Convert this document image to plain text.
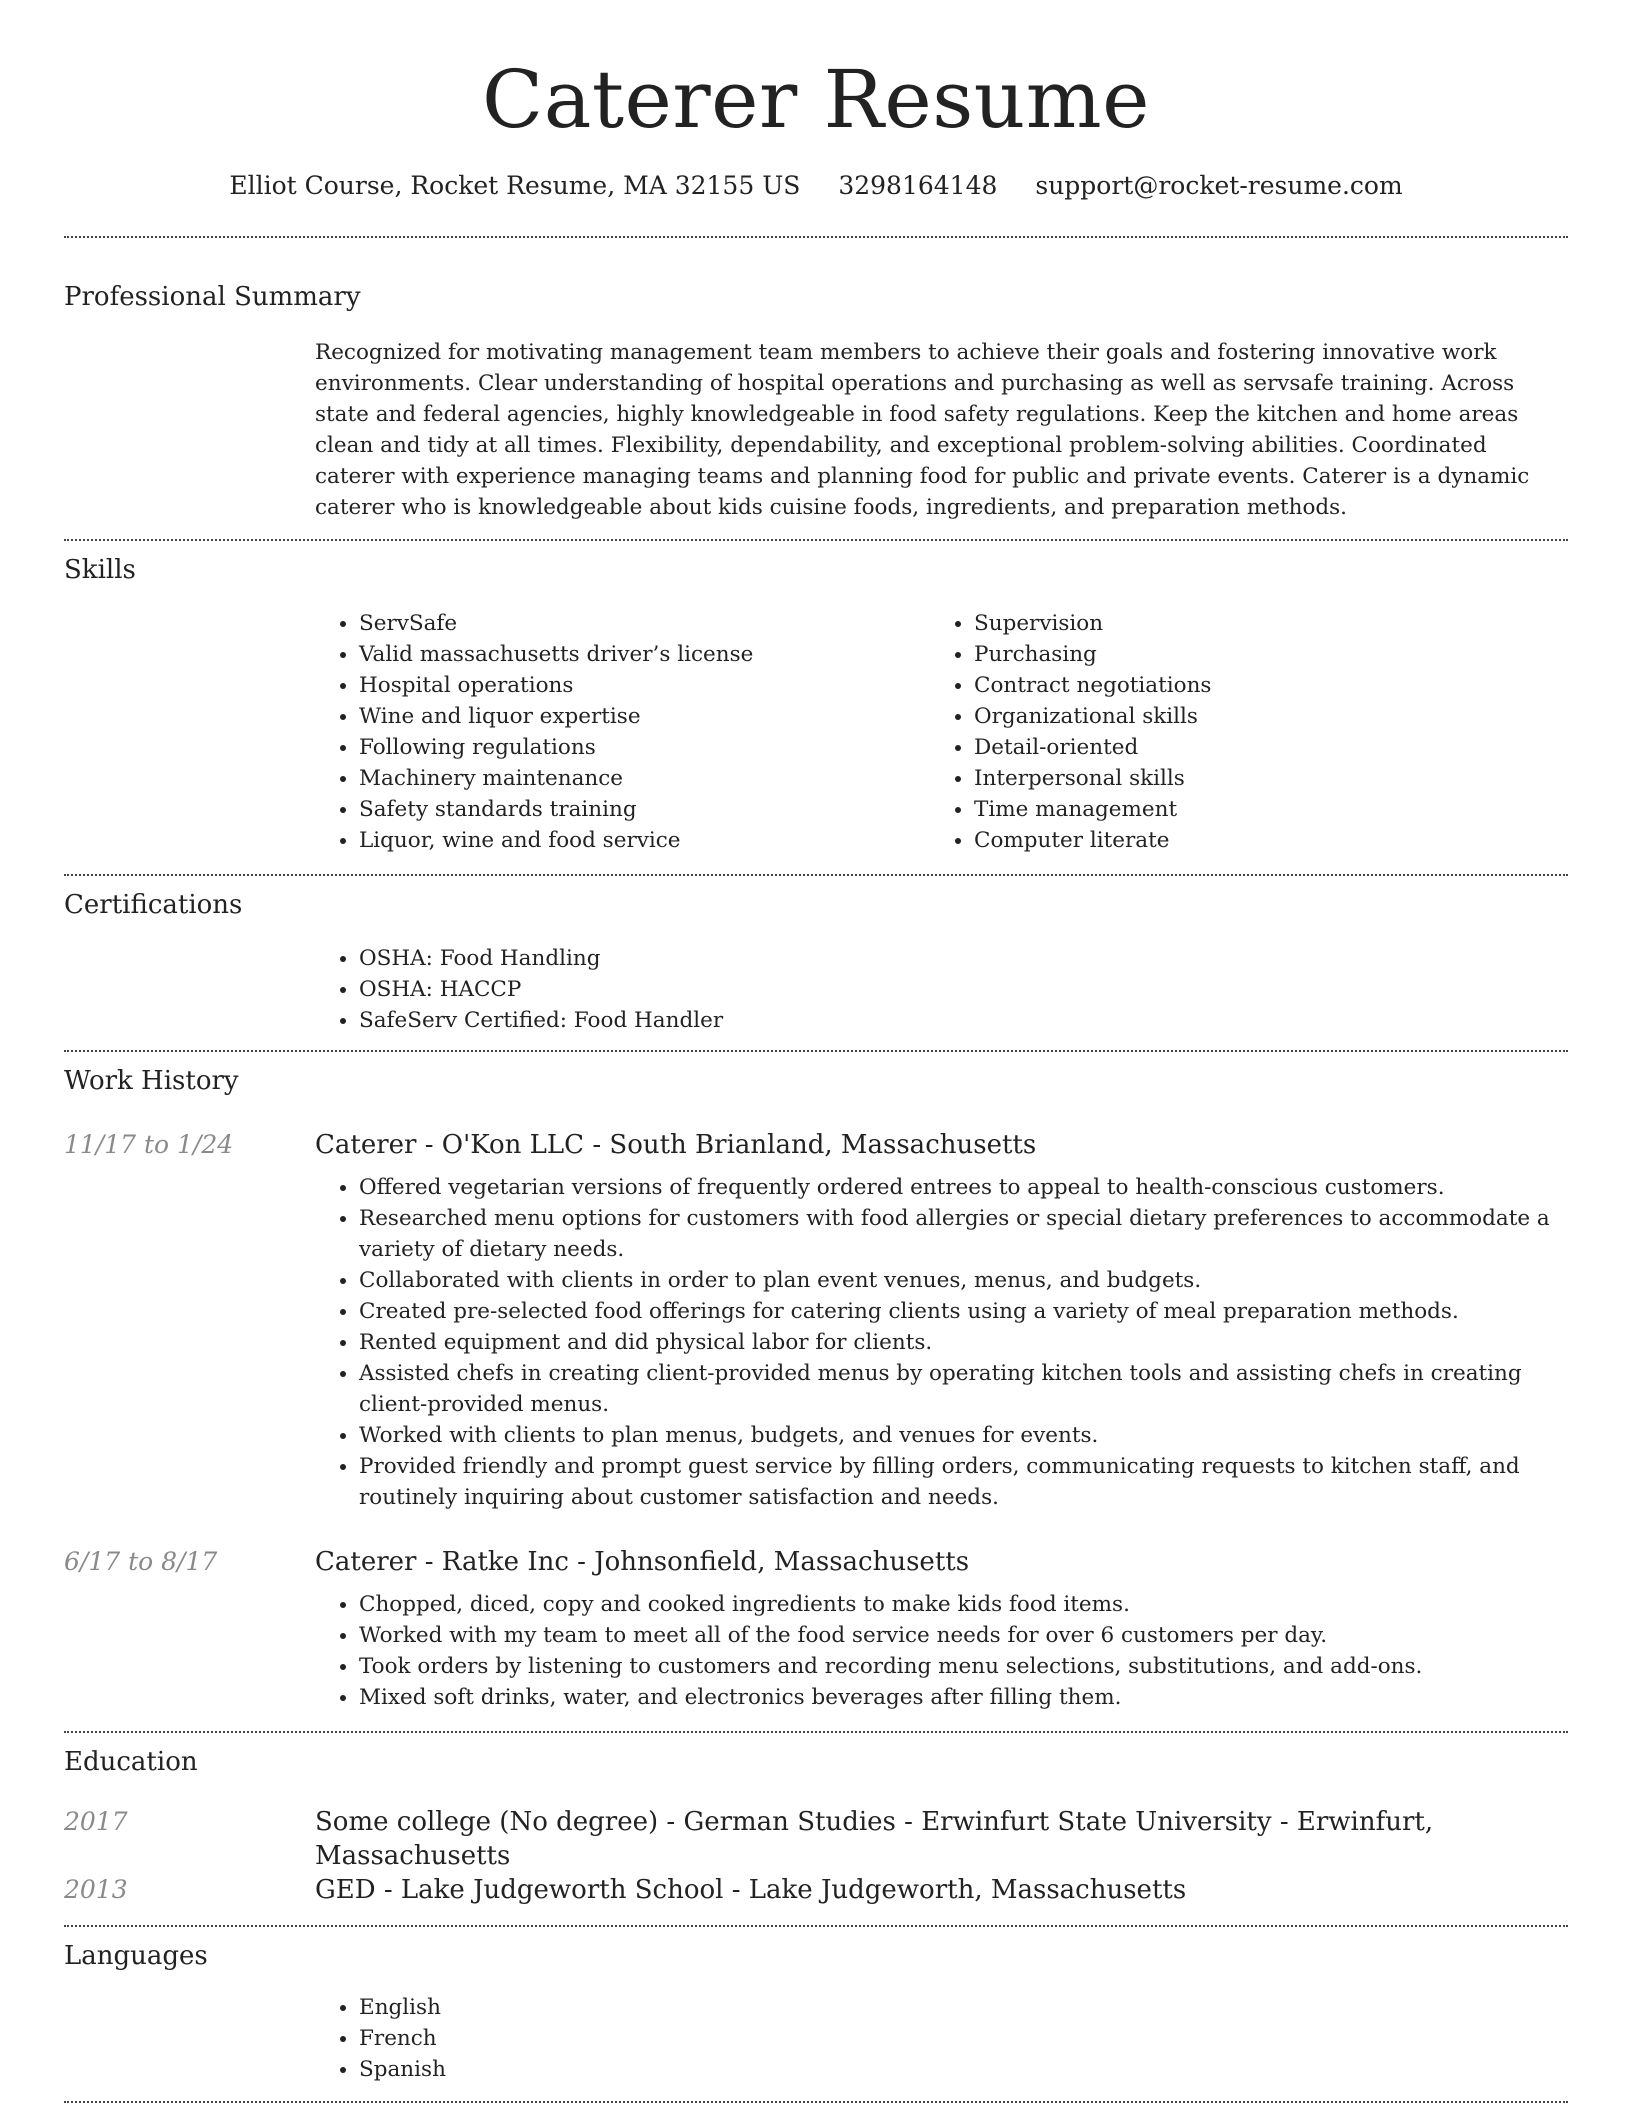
Caterer Resume
Elliot Course, Rocket Resume, MA 32155 US 3298164148 support@rocket-resume.com
Professional Summary
Recognized for motivating management team members to achieve their goals and fostering innovative work environments. Clear understanding of hospital operations and purchasing as well as servsafe training. Across state and federal agencies, highly knowledgeable in food safety regulations. Keep the kitchen and home areas clean and tidy at all times. Flexibility, dependability, and exceptional problem-solving abilities. Coordinated caterer with experience managing teams and planning food for public and private events. Caterer is a dynamic caterer who is knowledgeable about kids cuisine foods, ingredients, and preparation methods.
Skills
• ServSafe
• Valid massachusetts driver’s license
• Hospital operations
• Wine and liquor expertise
• Following regulations
• Machinery maintenance
• Safety standards training
• Liquor, wine and food service
• Supervision
• Purchasing
• Contract negotiations
• Organizational skills
• Detail-oriented
• Interpersonal skills
• Time management
• Computer literate
Certifications
• OSHA: Food Handling
• OSHA: HACCP
• SafeServ Certified: Food Handler
Work History
11/17 to 1/24	Caterer - O'Kon LLC - South Brianland, Massachusetts
• Offered vegetarian versions of frequently ordered entrees to appeal to health-conscious customers.
• Researched menu options for customers with food allergies or special dietary preferences to accommodate a variety of dietary needs.
• Collaborated with clients in order to plan event venues, menus, and budgets.
• Created pre-selected food offerings for catering clients using a variety of meal preparation methods.
• Rented equipment and did physical labor for clients.
• Assisted chefs in creating client-provided menus by operating kitchen tools and assisting chefs in creating client-provided menus.
• Worked with clients to plan menus, budgets, and venues for events.
• Provided friendly and prompt guest service by filling orders, communicating requests to kitchen staff, and routinely inquiring about customer satisfaction and needs.
6/17 to 8/17	Caterer - Ratke Inc - Johnsonfield, Massachusetts
• Chopped, diced, copy and cooked ingredients to make kids food items.
• Worked with my team to meet all of the food service needs for over 6 customers per day.
• Took orders by listening to customers and recording menu selections, substitutions, and add-ons.
• Mixed soft drinks, water, and electronics beverages after filling them.
Education
2017	Some college (No degree) - German Studies - Erwinfurt State University - Erwinfurt, Massachusetts
2013	GED - Lake Judgeworth School - Lake Judgeworth, Massachusetts
Languages
• English
• French
• Spanish
